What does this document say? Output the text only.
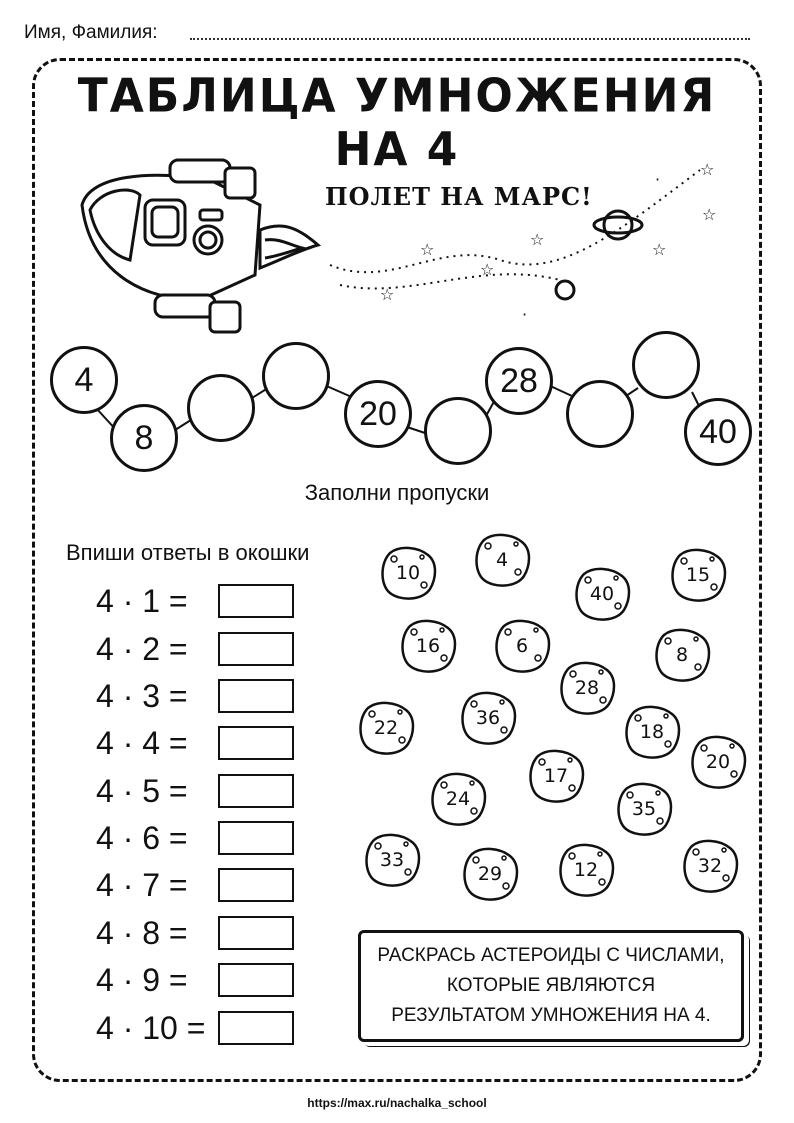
Имя, Фамилия:
ТАБЛИЦА УМНОЖЕНИЯ НА 4	☆
☆
☆
☆
☆
☆
☆
·
·
ПОЛЕТ НА МАРС!
4
8
20
28
40
Заполни пропуски
Впиши ответы в окошки
4 · 1 =
4 · 2 =
4 · 3 =
4 · 4 =
4 · 5 =
4 · 6 =
4 · 7 =
4 · 8 =
4 · 9 =
4 · 10 =
10
4
40
15
16	6	8
28
22	36
18
17
20
24	35
33
29	12	32
РАСКРАСЬ АСТЕРОИДЫ С ЧИСЛАМИ,
КОТОРЫЕ ЯВЛЯЮТСЯ
РЕЗУЛЬТАТОМ УМНОЖЕНИЯ НА 4.
https://max.ru/nachalka_school
